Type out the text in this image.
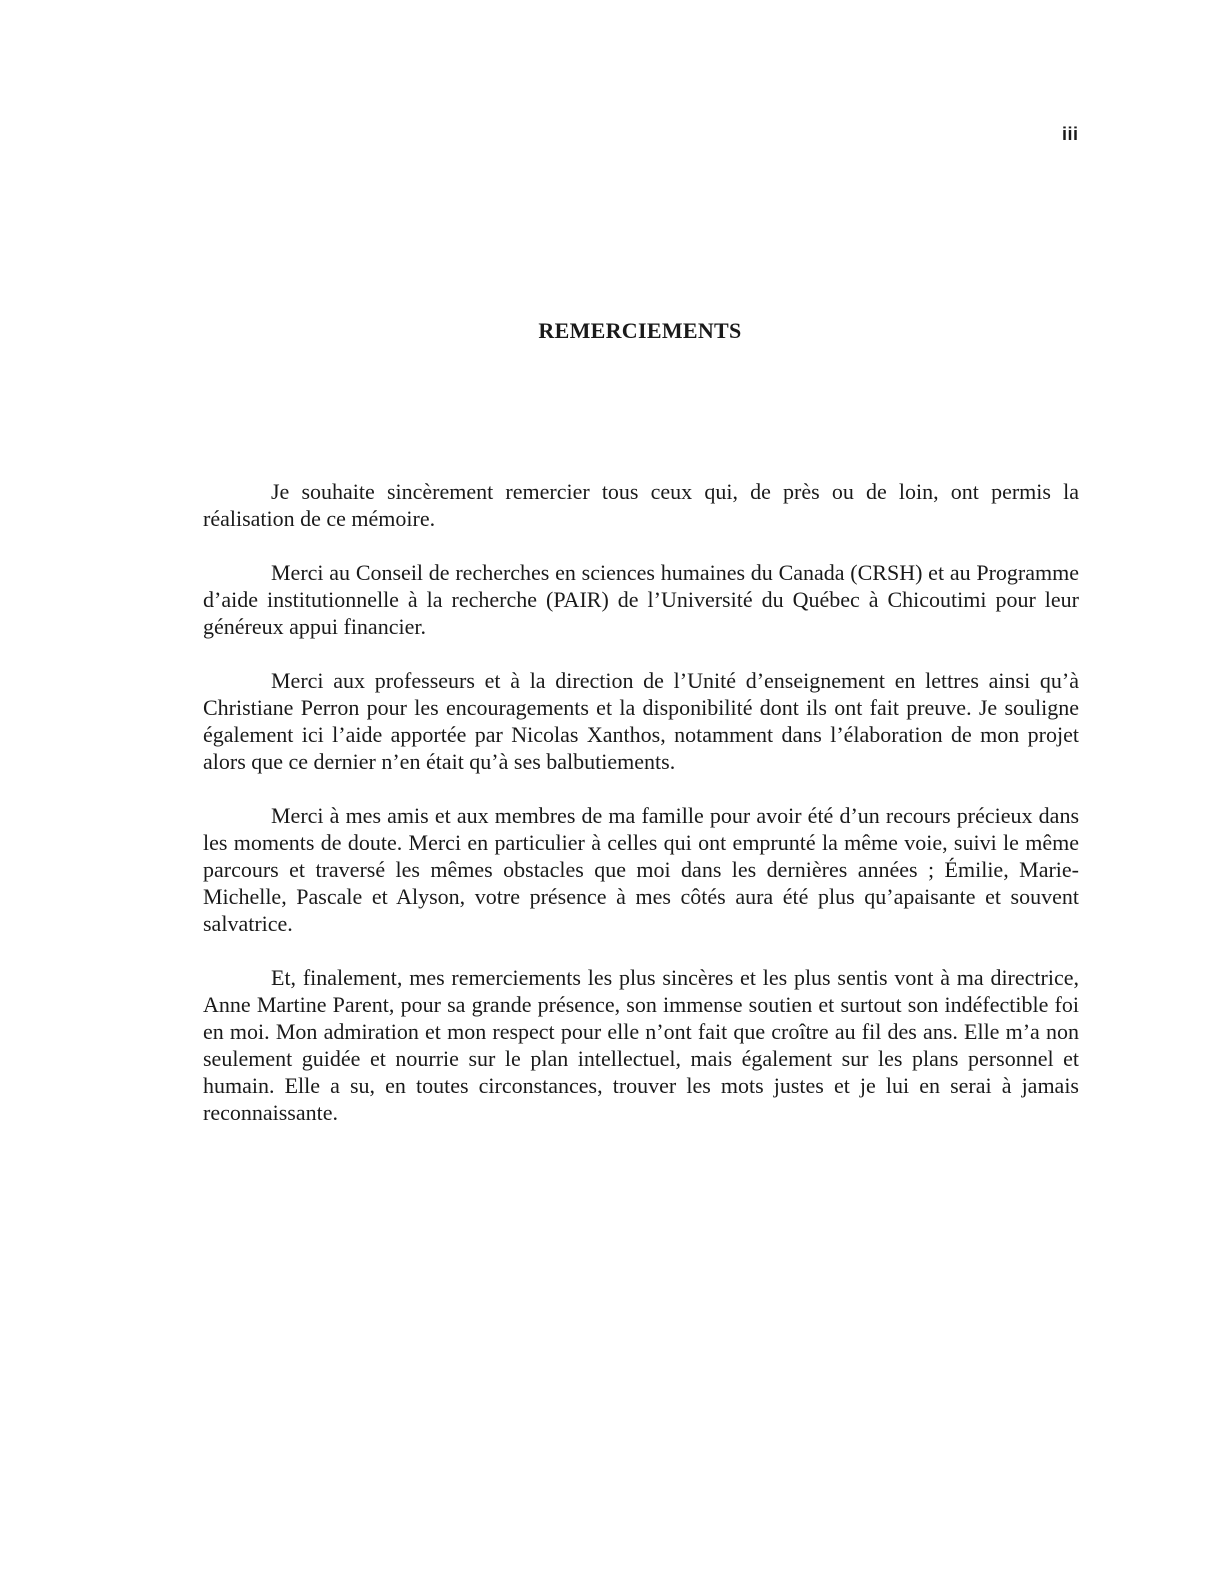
iii
REMERCIEMENTS

Je souhaite sincèrement remercier tous ceux qui, de près ou de loin, ont permis la réalisation de ce mémoire.

Merci au Conseil de recherches en sciences humaines du Canada (CRSH) et au Programme d’aide institutionnelle à la recherche (PAIR) de l’Université du Québec à Chicoutimi pour leur généreux appui financier.

Merci aux professeurs et à la direction de l’Unité d’enseignement en lettres ainsi qu’à Christiane Perron pour les encouragements et la disponibilité dont ils ont fait preuve. Je souligne également ici l’aide apportée par Nicolas Xanthos, notamment dans l’élaboration de mon projet alors que ce dernier n’en était qu’à ses balbutiements.

Merci à mes amis et aux membres de ma famille pour avoir été d’un recours précieux dans les moments de doute. Merci en particulier à celles qui ont emprunté la même voie, suivi le même parcours et traversé les mêmes obstacles que moi dans les dernières années ; Émilie, Marie-Michelle, Pascale et Alyson, votre présence à mes côtés aura été plus qu’apaisante et souvent salvatrice.

Et, finalement, mes remerciements les plus sincères et les plus sentis vont à ma directrice, Anne Martine Parent, pour sa grande présence, son immense soutien et surtout son indéfectible foi en moi. Mon admiration et mon respect pour elle n’ont fait que croître au fil des ans. Elle m’a non seulement guidée et nourrie sur le plan intellectuel, mais également sur les plans personnel et humain. Elle a su, en toutes circonstances, trouver les mots justes et je lui en serai à jamais reconnaissante.
